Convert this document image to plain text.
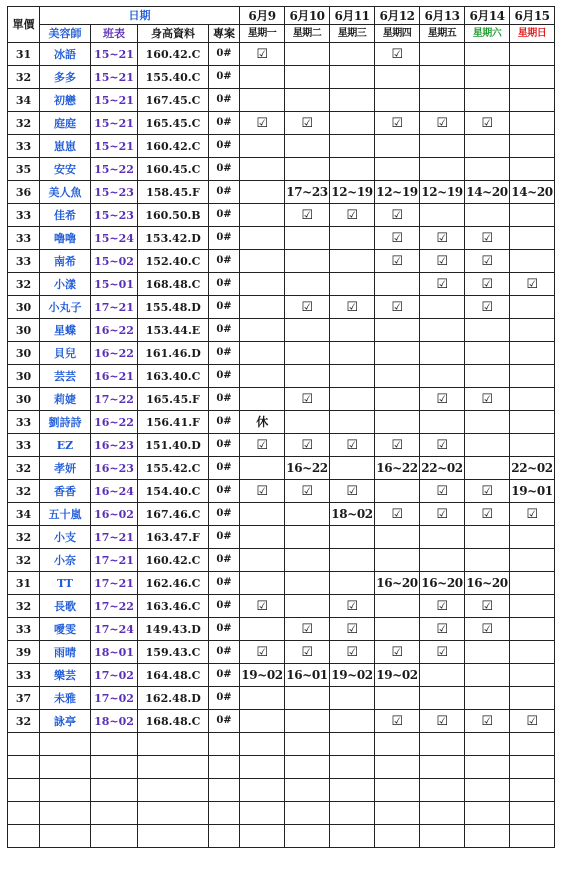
單價	日期				6月9	6月10	6月11	6月12	6月13	6月14	6月15
	美容師	班表	身高資料	專案	星期一	星期二	星期三	星期四	星期五	星期六	星期日
31	冰語	15~21	160.42.C	0#	☑			☑			
32	多多	15~21	155.40.C	0#							
34	初戀	15~21	167.45.C	0#							
32	庭庭	15~21	165.45.C	0#	☑	☑		☑	☑	☑	
33	崽崽	15~21	160.42.C	0#							
35	安安	15~22	160.45.C	0#							
36	美人魚	15~23	158.45.F	0#		17~23	12~19	12~19	12~19	14~20	14~20
33	佳希	15~23	160.50.B	0#		☑	☑	☑			
33	嚕嚕	15~24	153.42.D	0#				☑	☑	☑	
33	南希	15~02	152.40.C	0#				☑	☑	☑	
32	小漾	15~01	168.48.C	0#					☑	☑	☑
30	小丸子	17~21	155.48.D	0#		☑	☑	☑		☑	
30	星蝶	16~22	153.44.E	0#							
30	貝兒	16~22	161.46.D	0#							
30	芸芸	16~21	163.40.C	0#							
30	莉婕	17~22	165.45.F	0#		☑			☑	☑	
33	劉詩詩	16~22	156.41.F	0#	休						
33	EZ	16~23	151.40.D	0#	☑	☑	☑	☑	☑		
32	孝妍	16~23	155.42.C	0#		16~22		16~22	22~02		22~02
32	香香	16~24	154.40.C	0#	☑	☑	☑		☑	☑	19~01
34	五十嵐	16~02	167.46.C	0#			18~02	☑	☑	☑	☑
32	小支	17~21	163.47.F	0#							
32	小奈	17~21	160.42.C	0#							
31	TT	17~21	162.46.C	0#				16~20	16~20	16~20	
32	長歌	17~22	163.46.C	0#	☑		☑		☑	☑	
33	噯雯	17~24	149.43.D	0#		☑	☑		☑	☑	
39	雨晴	18~01	159.43.C	0#	☑	☑	☑	☑	☑		
33	樂芸	17~02	164.48.C	0#	19~02	16~01	19~02	19~02			
37	未雅	17~02	162.48.D	0#							
32	詠亭	18~02	168.48.C	0#				☑	☑	☑	☑
